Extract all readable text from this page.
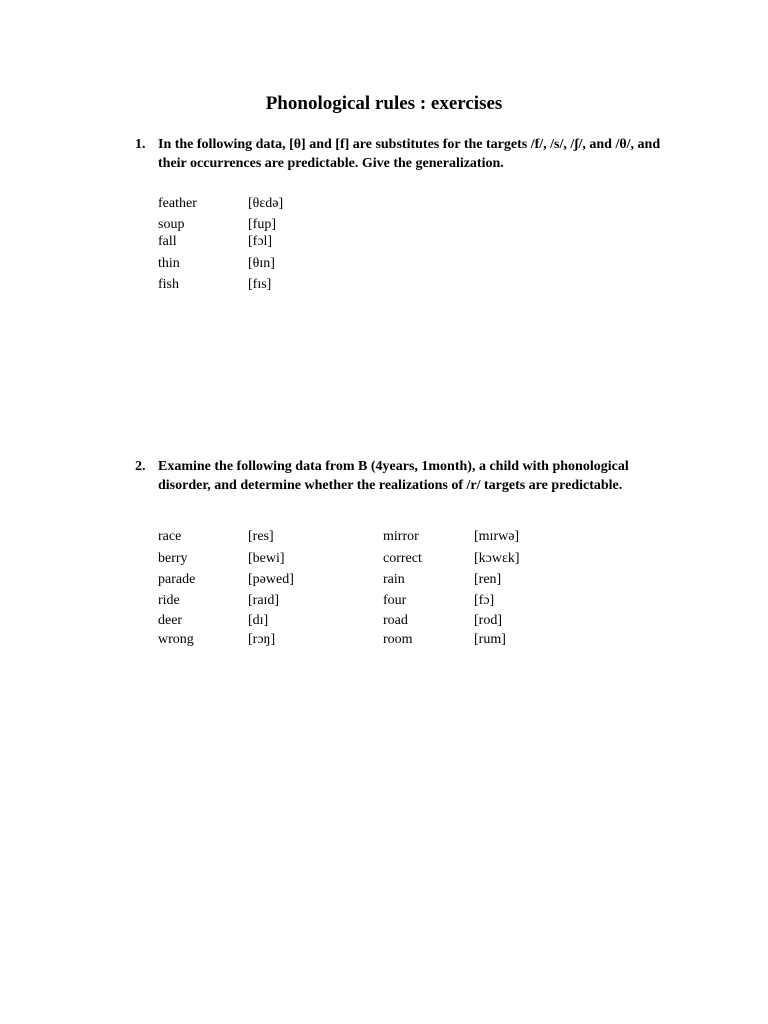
Phonological rules : exercises
1. In the following data, [θ] and [f] are substitutes for the targets /f/, /s/, /ʃ/, and /θ/, and their occurrences are predictable. Give the generalization.
feather	[θɛdə]
soup	[fup]
fall	[fɔl]
thin	[θɪn]
fish	[fɪs]
2. Examine the following data from B (4years, 1month), a child with phonological disorder, and determine whether the realizations of /r/ targets are predictable.
race	[res]	mirror	[mɪrwə]
berry	[bewi]	correct	[kɔwɛk]
parade	[pəwed]	rain	[ren]
ride	[raɪd]	four	[fɔ]
deer	[dɪ]	road	[rod]
wrong	[rɔŋ]	room	[rum]
